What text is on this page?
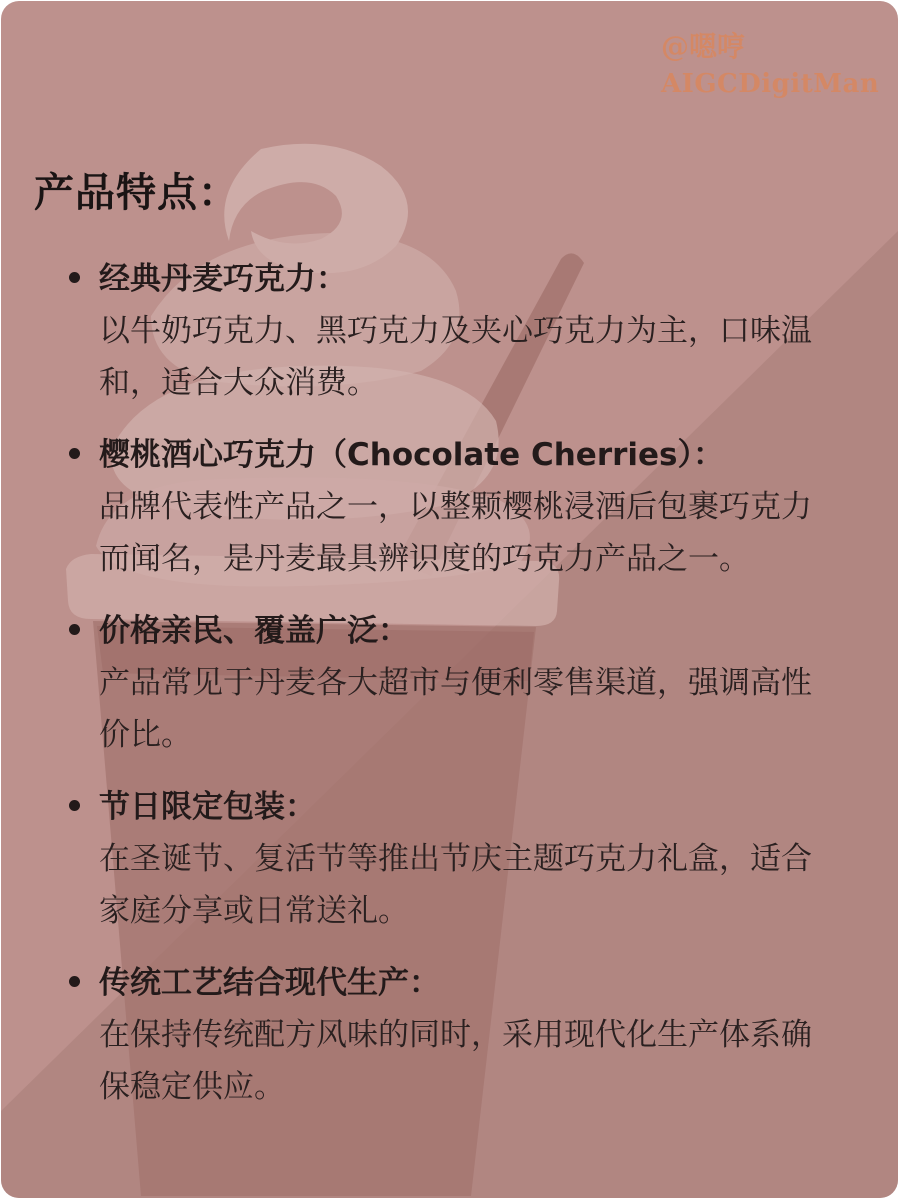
@嗯哼
AIGCDigitMan
产品特点：
经典丹麦巧克力：
以牛奶巧克力、黑巧克力及夹心巧克力为主，口味温和，适合大众消费。
樱桃酒心巧克力（Chocolate Cherries）：
品牌代表性产品之一，以整颗樱桃浸酒后包裹巧克力而闻名，是丹麦最具辨识度的巧克力产品之一。
价格亲民、覆盖广泛：
产品常见于丹麦各大超市与便利零售渠道，强调高性价比。
节日限定包装：
在圣诞节、复活节等推出节庆主题巧克力礼盒，适合家庭分享或日常送礼。
传统工艺结合现代生产：
在保持传统配方风味的同时，采用现代化生产体系确保稳定供应。
